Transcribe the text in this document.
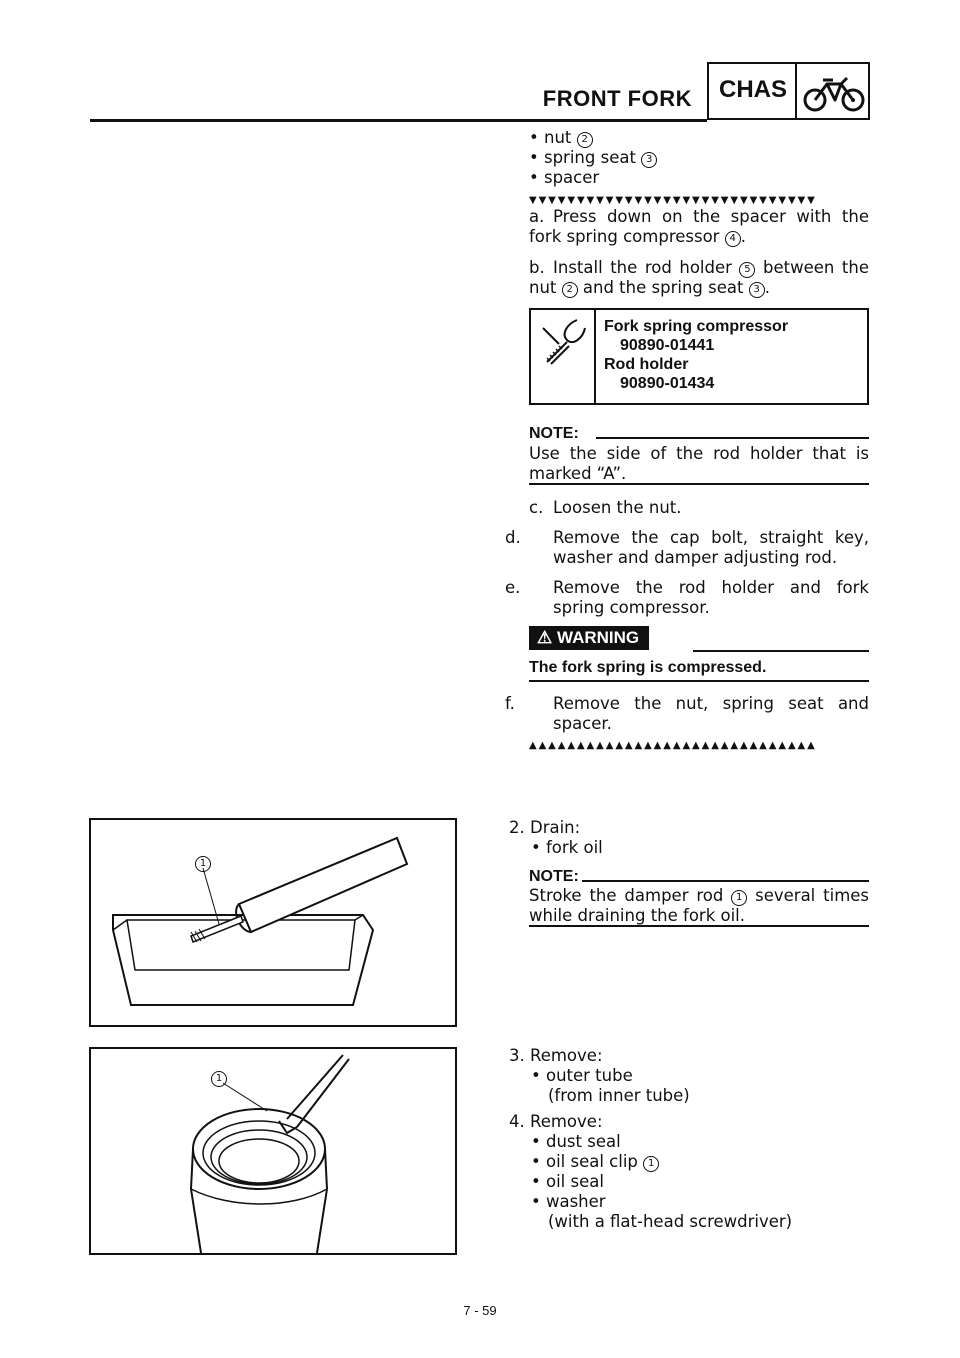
FRONT FORK CHAS

• nut 2

• spring seat 3

• spacer

▼▼▼▼▼▼▼▼▼▼▼▼▼▼▼▼▼▼▼▼▼▼▼▼▼▼▼▼▼▼

a. Press down on the spacer with the fork spring compressor 4 .

b. Install the rod holder 5 between the nut 2 and the spring seat 3 .

Fork spring compressor
90890-01441
Rod holder
90890-01434
NOTE:

Use the side of the rod holder that is marked “A”.

c. Loosen the nut.

d. Remove the cap bolt, straight key, washer and damper adjusting rod.

e. Remove the rod holder and fork spring compressor.

⚠ WARNING
The fork spring is compressed.

f. Remove the nut, spring seat and spacer.

▲▲▲▲▲▲▲▲▲▲▲▲▲▲▲▲▲▲▲▲▲▲▲▲▲▲▲▲▲▲
1
2. Drain:
• fork oil
NOTE:

Stroke the damper rod 1 several times while draining the fork oil.

1
3. Remove:
• outer tube
(from inner tube)
4. Remove:
• dust seal
• oil seal clip 1
• oil seal
• washer
(with a flat-head screwdriver)
7 - 59
